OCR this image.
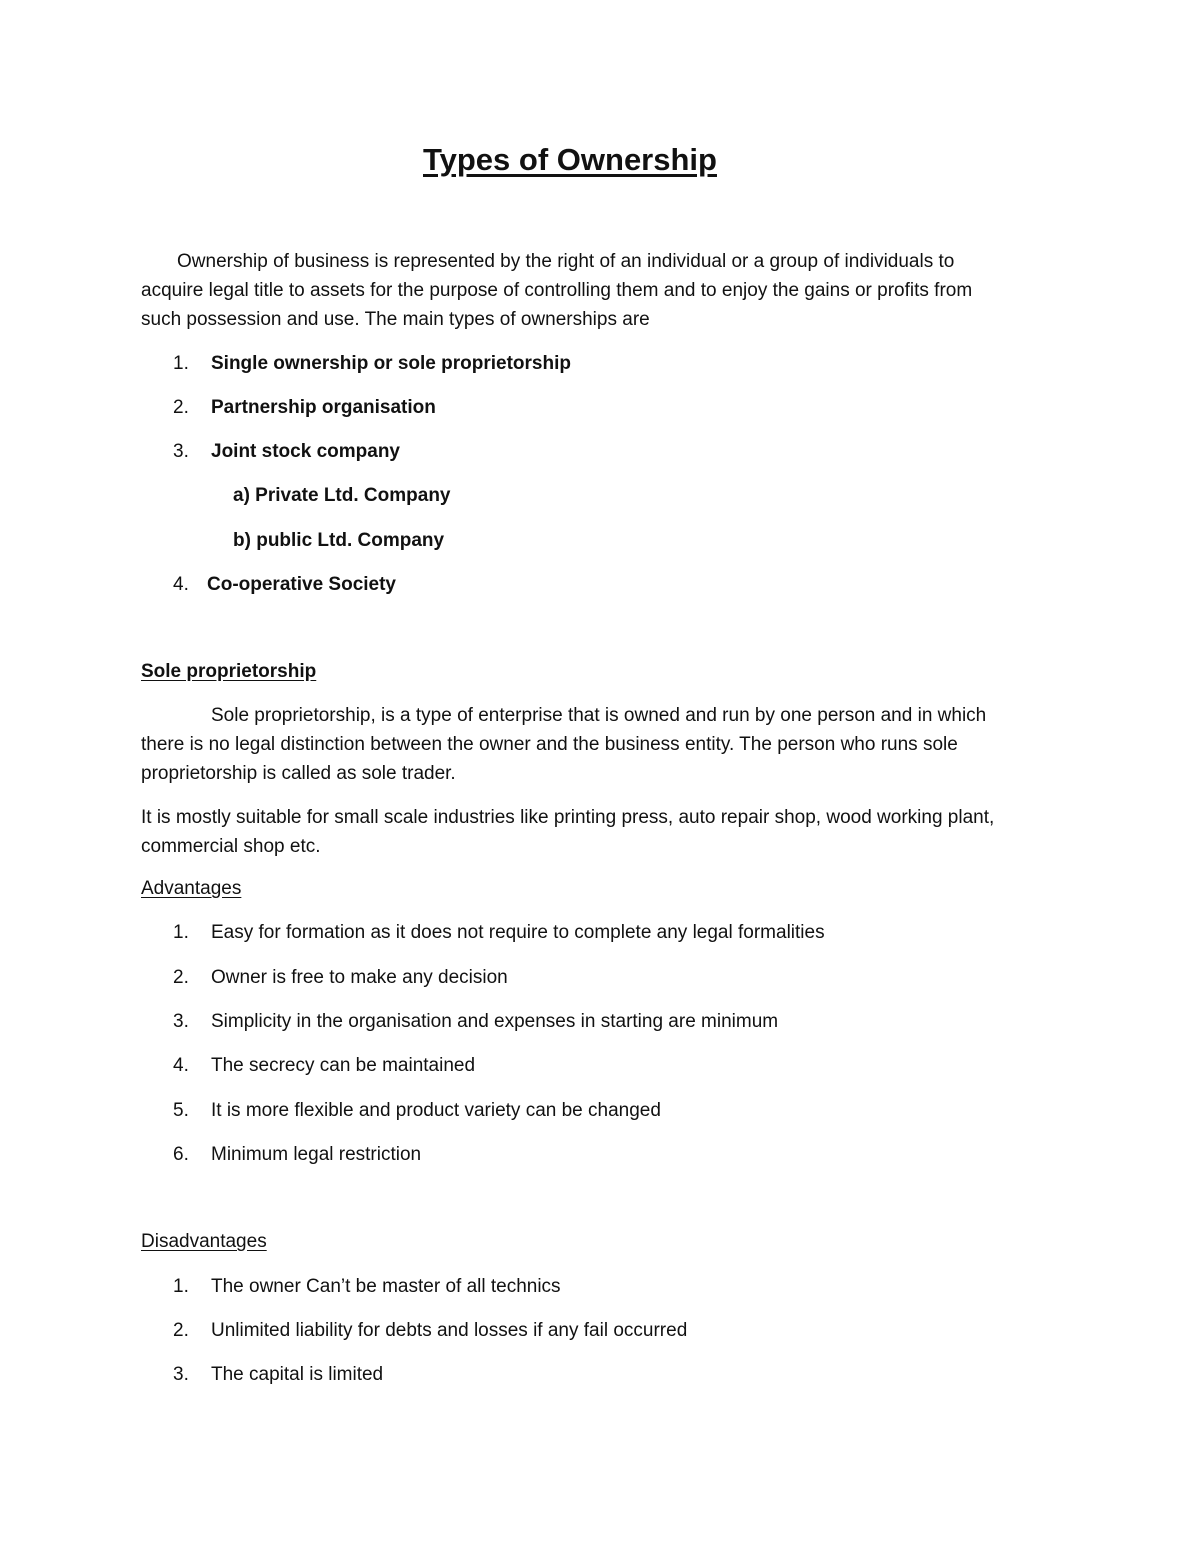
Types of Ownership

Ownership of business is represented by the right of an individual or a group of individuals to

acquire legal title to assets for the purpose of controlling them and to enjoy the gains or profits from

such possession and use. The main types of ownerships are

1. Single ownership or sole proprietorship
2. Partnership organisation
3. Joint stock company
a) Private Ltd. Company
b) public Ltd. Company
4. Co-operative Society

Sole proprietorship

Sole proprietorship, is a type of enterprise that is owned and run by one person and in which

there is no legal distinction between the owner and the business entity. The person who runs sole

proprietorship is called as sole trader.

It is mostly suitable for small scale industries like printing press, auto repair shop, wood working plant,

commercial shop etc.

Advantages

1. Easy for formation as it does not require to complete any legal formalities
2. Owner is free to make any decision
3. Simplicity in the organisation and expenses in starting are minimum
4. The secrecy can be maintained
5. It is more flexible and product variety can be changed
6. Minimum legal restriction

Disadvantages

1. The owner Can’t be master of all technics
2. Unlimited liability for debts and losses if any fail occurred
3. The capital is limited
